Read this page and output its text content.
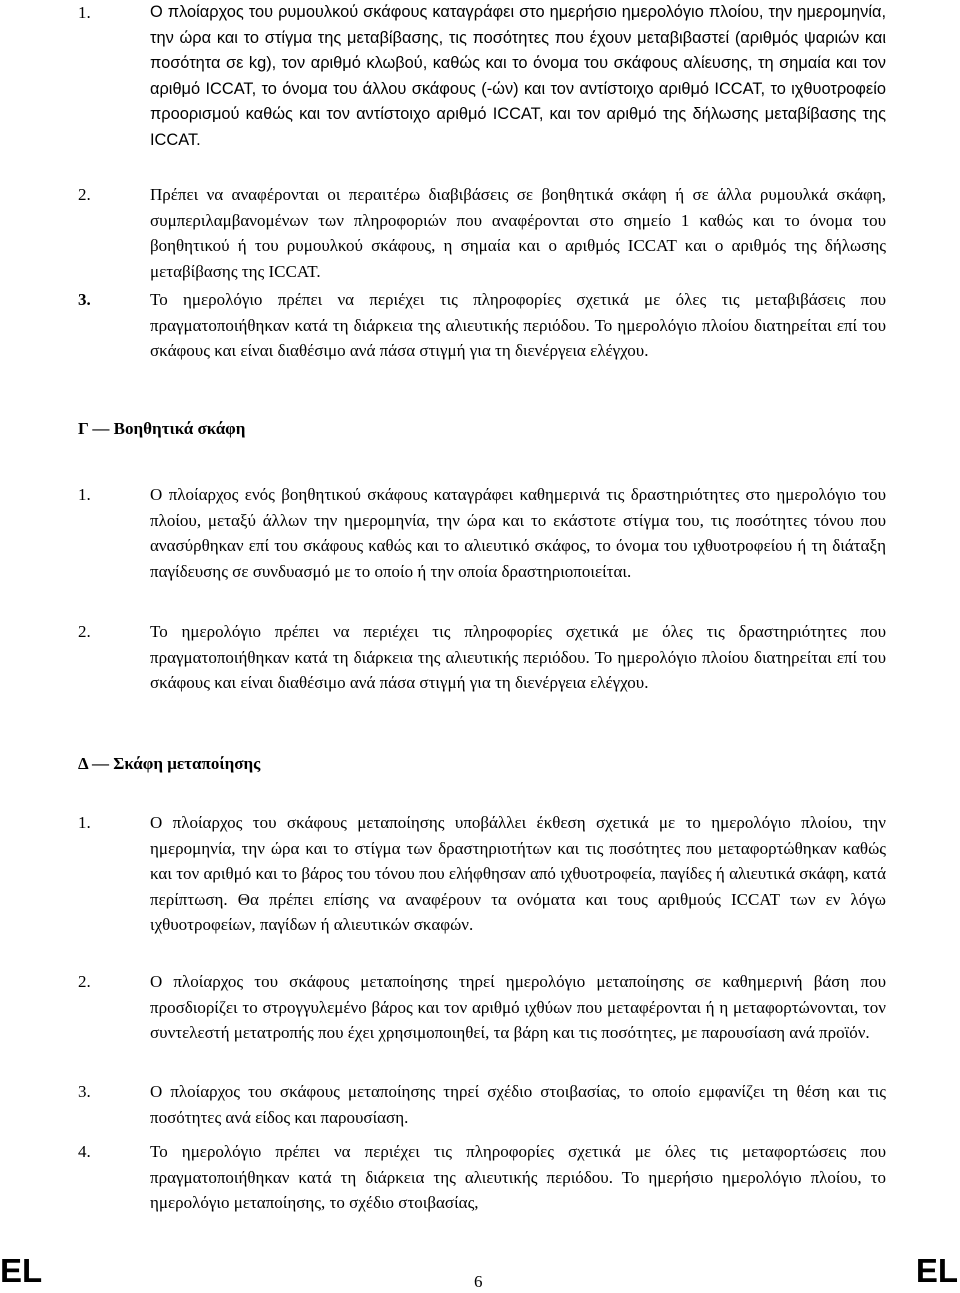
1.	Ο πλοίαρχος του ρυμουλκού σκάφους καταγράφει στο ημερήσιο ημερολόγιο πλοίου, την ημερομηνία, την ώρα και το στίγμα της μεταβίβασης, τις ποσότητες που έχουν μεταβιβαστεί (αριθμός ψαριών και ποσότητα σε kg), τον αριθμό κλωβού, καθώς και το όνομα του σκάφους αλίευσης, τη σημαία και τον αριθμό ICCAT, το όνομα του άλλου σκάφους (-ών) και τον αντίστοιχο αριθμό ICCAT, το ιχθυοτροφείο προορισμού καθώς και τον αντίστοιχο αριθμό ICCAT, και τον αριθμό της δήλωσης μεταβίβασης της ICCAT.
2.	Πρέπει να αναφέρονται οι περαιτέρω διαβιβάσεις σε βοηθητικά σκάφη ή σε άλλα ρυμουλκά σκάφη, συμπεριλαμβανομένων των πληροφοριών που αναφέρονται στο σημείο 1 καθώς και το όνομα του βοηθητικού ή του ρυμουλκού σκάφους, η σημαία και ο αριθμός ICCAT και ο αριθμός της δήλωσης μεταβίβασης της ICCAT.
3.	Το ημερολόγιο πρέπει να περιέχει τις πληροφορίες σχετικά με όλες τις μεταβιβάσεις που πραγματοποιήθηκαν κατά τη διάρκεια της αλιευτικής περιόδου. Το ημερολόγιο πλοίου διατηρείται επί του σκάφους και είναι διαθέσιμο ανά πάσα στιγμή για τη διενέργεια ελέγχου.
Γ — Βοηθητικά σκάφη
1.	Ο πλοίαρχος ενός βοηθητικού σκάφους καταγράφει καθημερινά τις δραστηριότητες στο ημερολόγιο του πλοίου, μεταξύ άλλων την ημερομηνία, την ώρα και το εκάστοτε στίγμα του, τις ποσότητες τόνου που ανασύρθηκαν επί του σκάφους καθώς και το αλιευτικό σκάφος, το όνομα του ιχθυοτροφείου ή τη διάταξη παγίδευσης σε συνδυασμό με το οποίο ή την οποία δραστηριοποιείται.
2.	Το ημερολόγιο πρέπει να περιέχει τις πληροφορίες σχετικά με όλες τις δραστηριότητες που πραγματοποιήθηκαν κατά τη διάρκεια της αλιευτικής περιόδου. Το ημερολόγιο πλοίου διατηρείται επί του σκάφους και είναι διαθέσιμο ανά πάσα στιγμή για τη διενέργεια ελέγχου.
Δ — Σκάφη μεταποίησης
1.	Ο πλοίαρχος του σκάφους μεταποίησης υποβάλλει έκθεση σχετικά με το ημερολόγιο πλοίου, την ημερομηνία, την ώρα και το στίγμα των δραστηριοτήτων και τις ποσότητες που μεταφορτώθηκαν καθώς και τον αριθμό και το βάρος του τόνου που ελήφθησαν από ιχθυοτροφεία, παγίδες ή αλιευτικά σκάφη, κατά περίπτωση. Θα πρέπει επίσης να αναφέρουν τα ονόματα και τους αριθμούς ICCAT των εν λόγω ιχθυοτροφείων, παγίδων ή αλιευτικών σκαφών.
2.	Ο πλοίαρχος του σκάφους μεταποίησης τηρεί ημερολόγιο μεταποίησης σε καθημερινή βάση που προσδιορίζει το στρογγυλεμένο βάρος και τον αριθμό ιχθύων που μεταφέρονται ή η μεταφορτώνονται, τον συντελεστή μετατροπής που έχει χρησιμοποιηθεί, τα βάρη και τις ποσότητες, με παρουσίαση ανά προϊόν.
3.	Ο πλοίαρχος του σκάφους μεταποίησης τηρεί σχέδιο στοιβασίας, το οποίο εμφανίζει τη θέση και τις ποσότητες ανά είδος και παρουσίαση.
4.	Το ημερολόγιο πρέπει να περιέχει τις πληροφορίες σχετικά με όλες τις μεταφορτώσεις που πραγματοποιήθηκαν κατά τη διάρκεια της αλιευτικής περιόδου. Το ημερήσιο ημερολόγιο πλοίου, το ημερολόγιο μεταποίησης, το σχέδιο στοιβασίας,
EL	6	EL
